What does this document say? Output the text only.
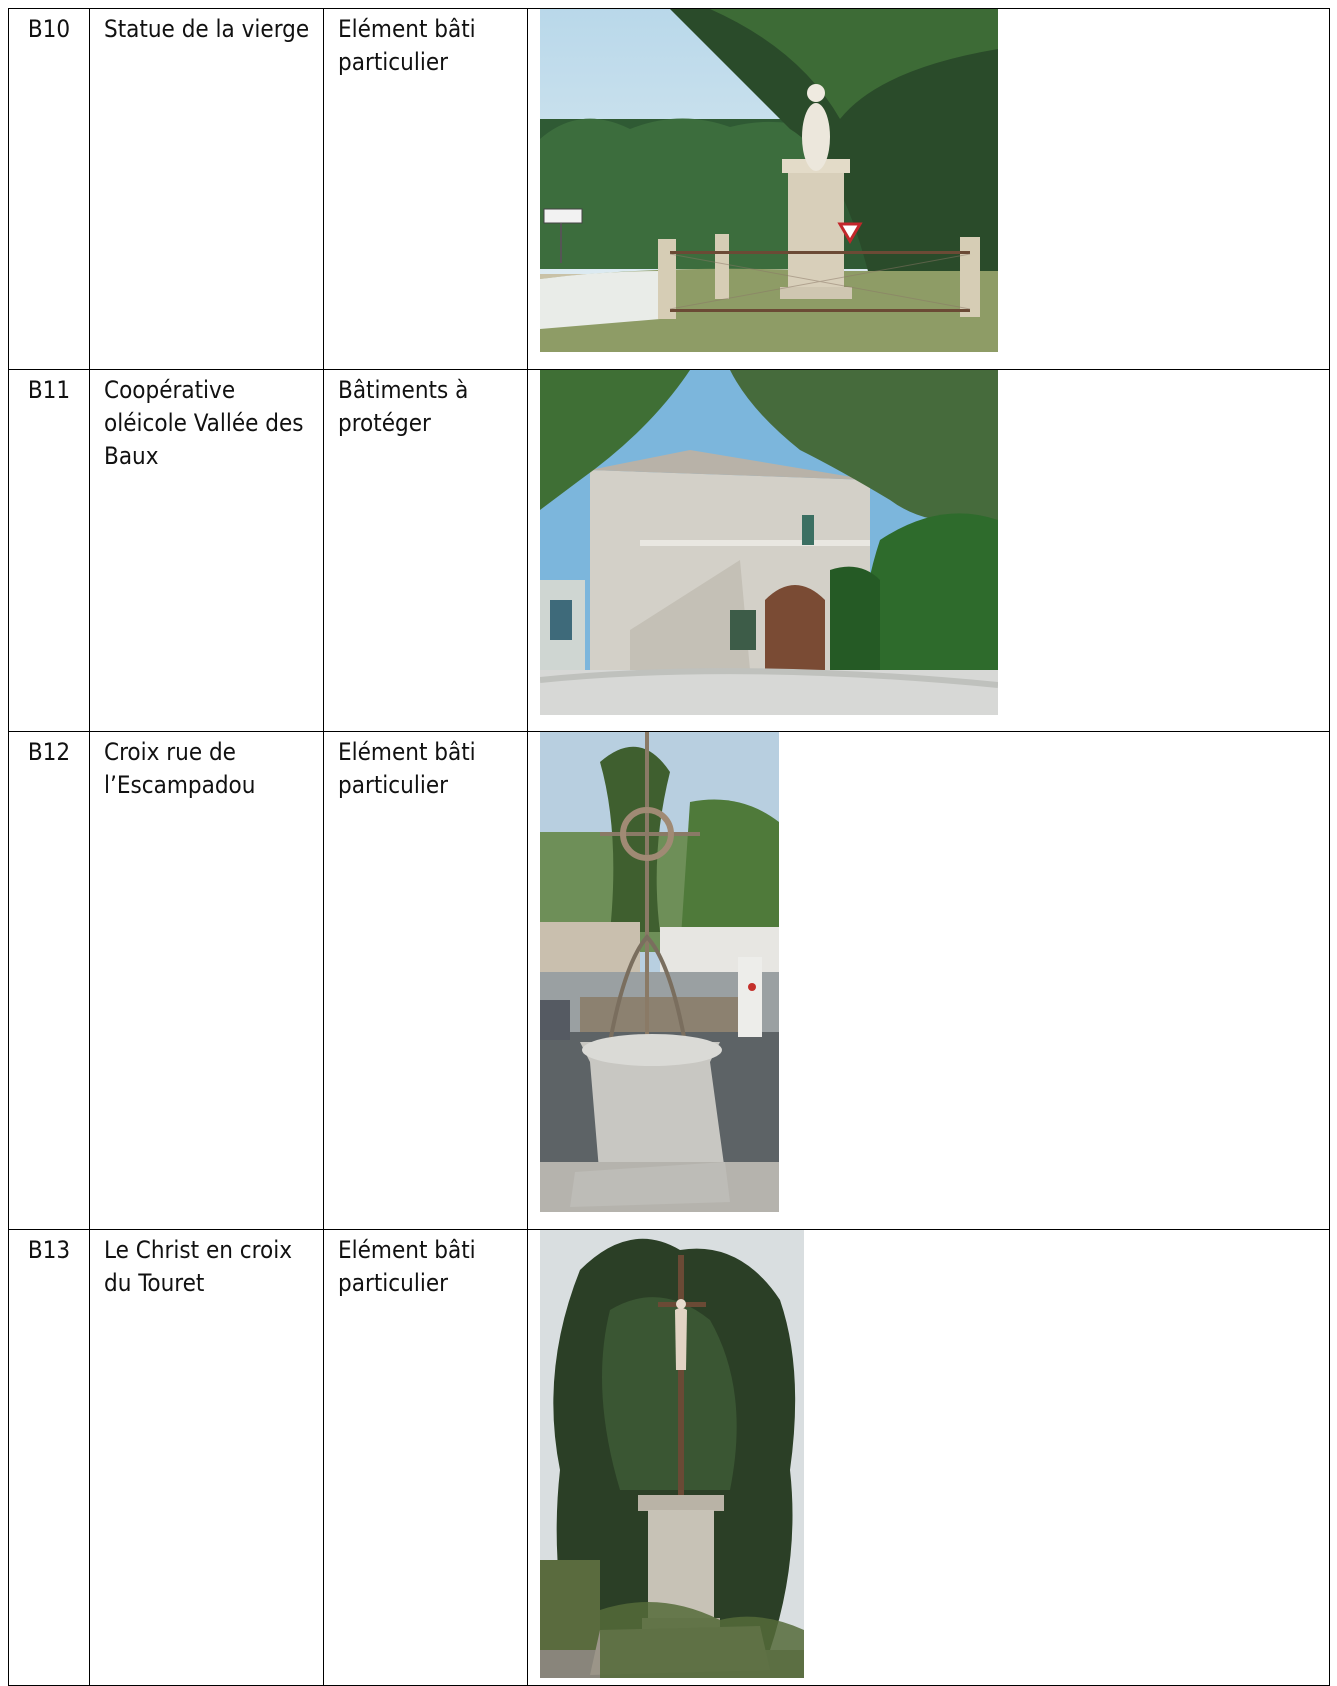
B10	Statue de la vierge	Elément bâti particulier	

B11	Coopérative oléicole Vallée des Baux	Bâtiments à protéger	

B12	Croix rue de l’Escampadou	Elément bâti particulier	

B13	Le Christ en croix du Touret	Elément bâti particulier	
